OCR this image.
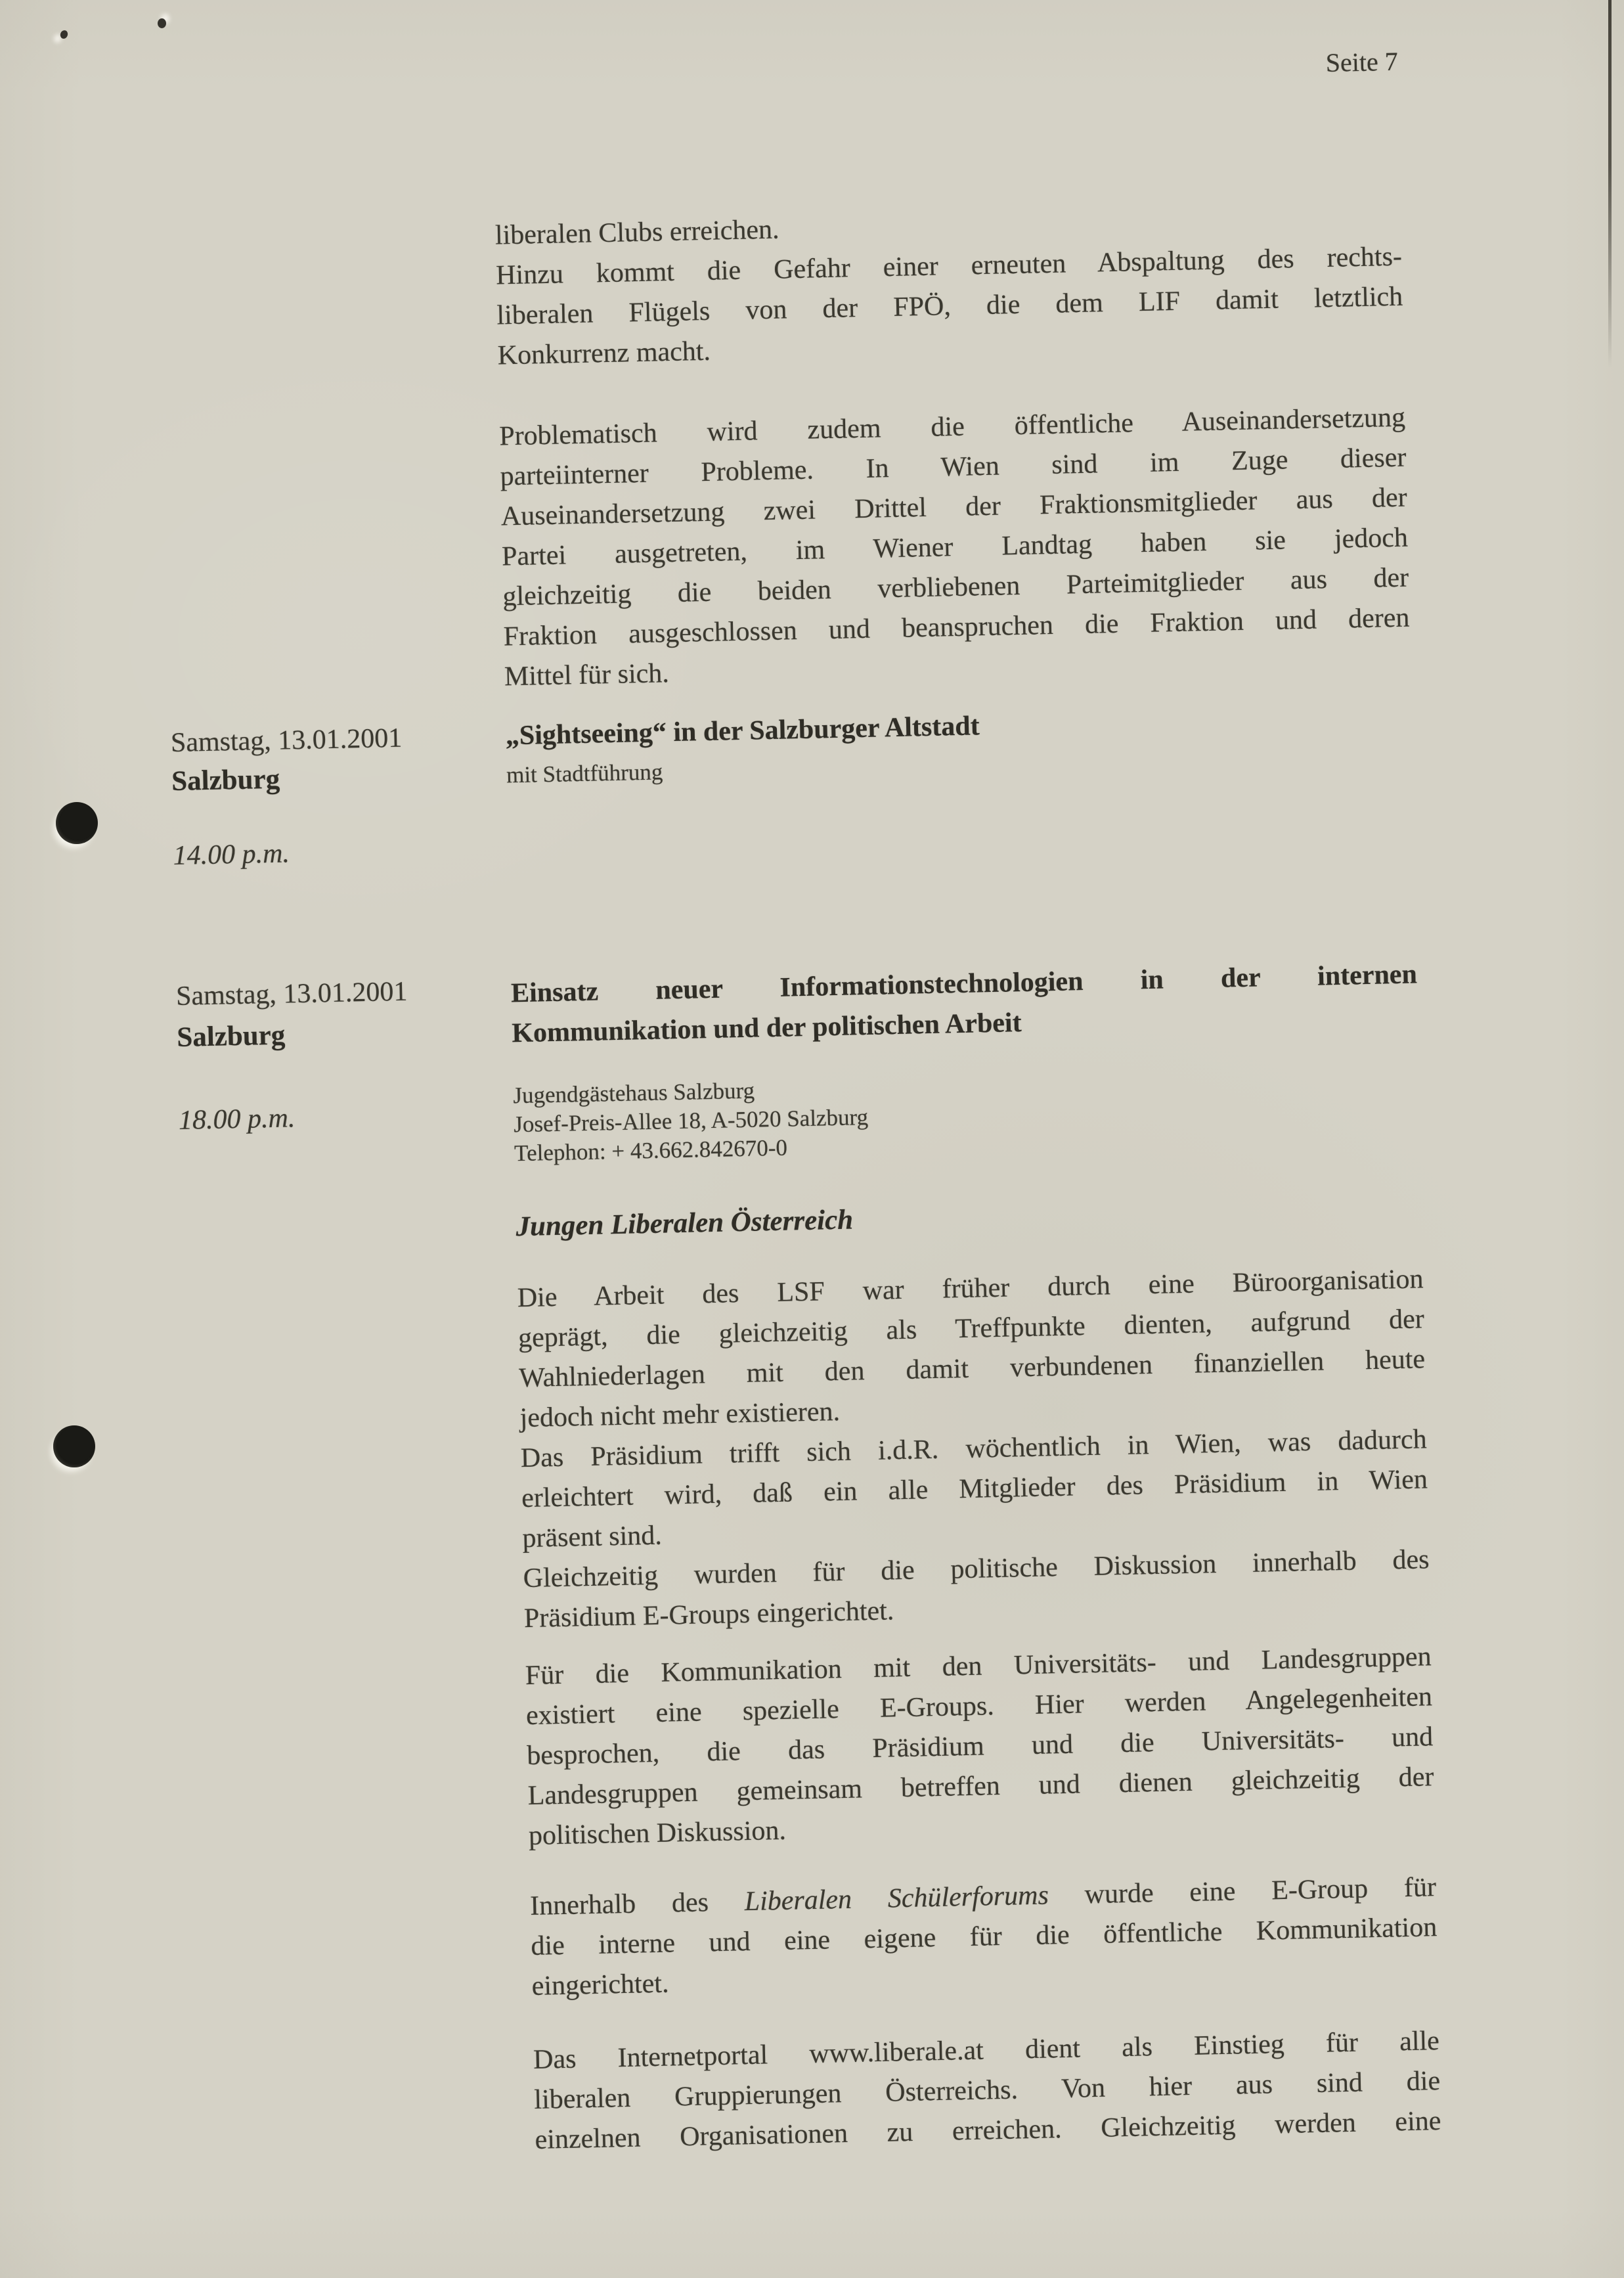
Seite 7
liberalen Clubs erreichen.
Hinzu kommt die Gefahr einer erneuten Abspaltung des rechts-
liberalen Flügels von der FPÖ, die dem LIF damit letztlich
Konkurrenz macht.
Problematisch wird zudem die öffentliche Auseinandersetzung
parteiinterner Probleme. In Wien sind im Zuge dieser
Auseinandersetzung zwei Drittel der Fraktionsmitglieder aus der
Partei ausgetreten, im Wiener Landtag haben sie jedoch
gleichzeitig die beiden verbliebenen Parteimitglieder aus der
Fraktion ausgeschlossen und beanspruchen die Fraktion und deren
Mittel für sich.
Samstag, 13.01.2001
Salzburg
14.00 p.m.
„Sightseeing“ in der Salzburger Altstadt
mit Stadtführung
Samstag, 13.01.2001
Salzburg
18.00 p.m.
Einsatz neuer Informationstechnologien in der internen
Kommunikation und der politischen Arbeit
Jugendgästehaus Salzburg
Josef-Preis-Allee 18, A-5020 Salzburg
Telephon: + 43.662.842670-0
Jungen Liberalen Österreich
Die Arbeit des LSF war früher durch eine Büroorganisation
geprägt, die gleichzeitig als Treffpunkte dienten, aufgrund der
Wahlniederlagen mit den damit verbundenen finanziellen heute
jedoch nicht mehr existieren.
Das Präsidium trifft sich i.d.R. wöchentlich in Wien, was dadurch
erleichtert wird, daß ein alle Mitglieder des Präsidium in Wien
präsent sind.
Gleichzeitig wurden für die politische Diskussion innerhalb des
Präsidium E-Groups eingerichtet.
Für die Kommunikation mit den Universitäts- und Landesgruppen
existiert eine spezielle E-Groups. Hier werden Angelegenheiten
besprochen, die das Präsidium und die Universitäts- und
Landesgruppen gemeinsam betreffen und dienen gleichzeitig der
politischen Diskussion.
Innerhalb des Liberalen Schülerforums wurde eine E-Group für
die interne und eine eigene für die öffentliche Kommunikation
eingerichtet.
Das Internetportal www.liberale.at dient als Einstieg für alle
liberalen Gruppierungen Österreichs. Von hier aus sind die
einzelnen Organisationen zu erreichen. Gleichzeitig werden eine
